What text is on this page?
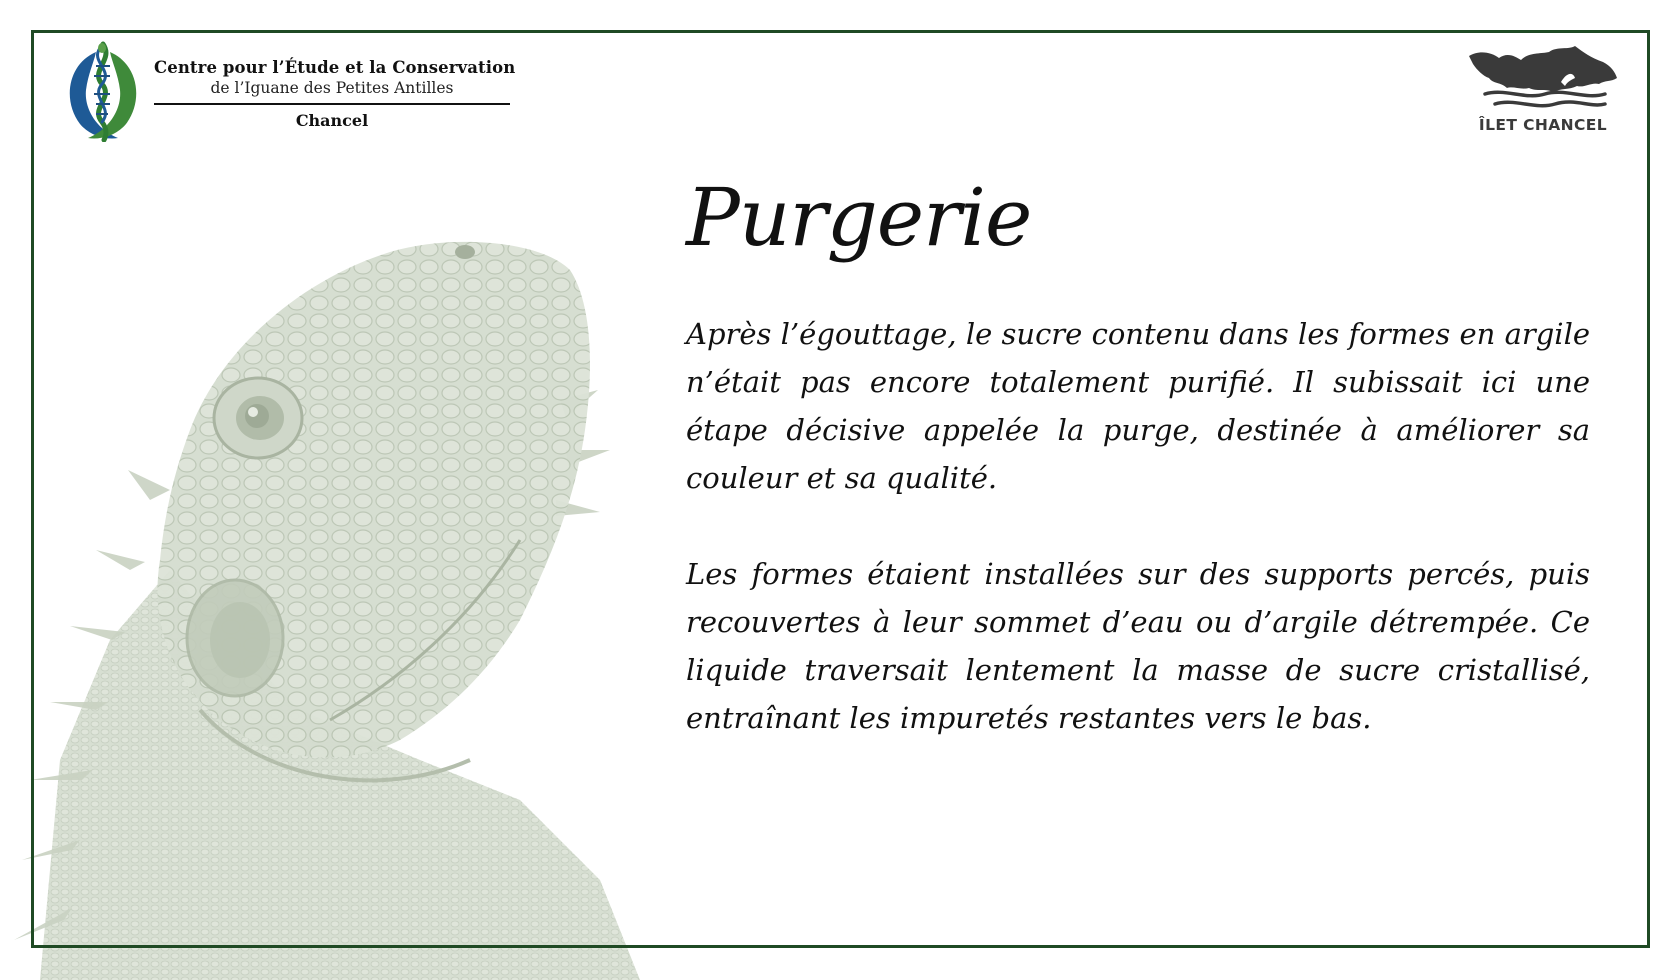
Centre pour l’Étude et la Conservation
de l’Iguane des Petites Antilles
Chancel	ÎLET CHANCEL
Purgerie

Après l’égouttage, le sucre contenu dans les formes en argile n’était pas encore totalement purifié. Il subissait ici une étape décisive appelée la purge, destinée à améliorer sa couleur et sa qualité.

Les formes étaient installées sur des supports percés, puis recouvertes à leur sommet d’eau ou d’argile détrempée. Ce liquide traversait lentement la masse de sucre cristallisé, entraînant les impuretés restantes vers le bas.
